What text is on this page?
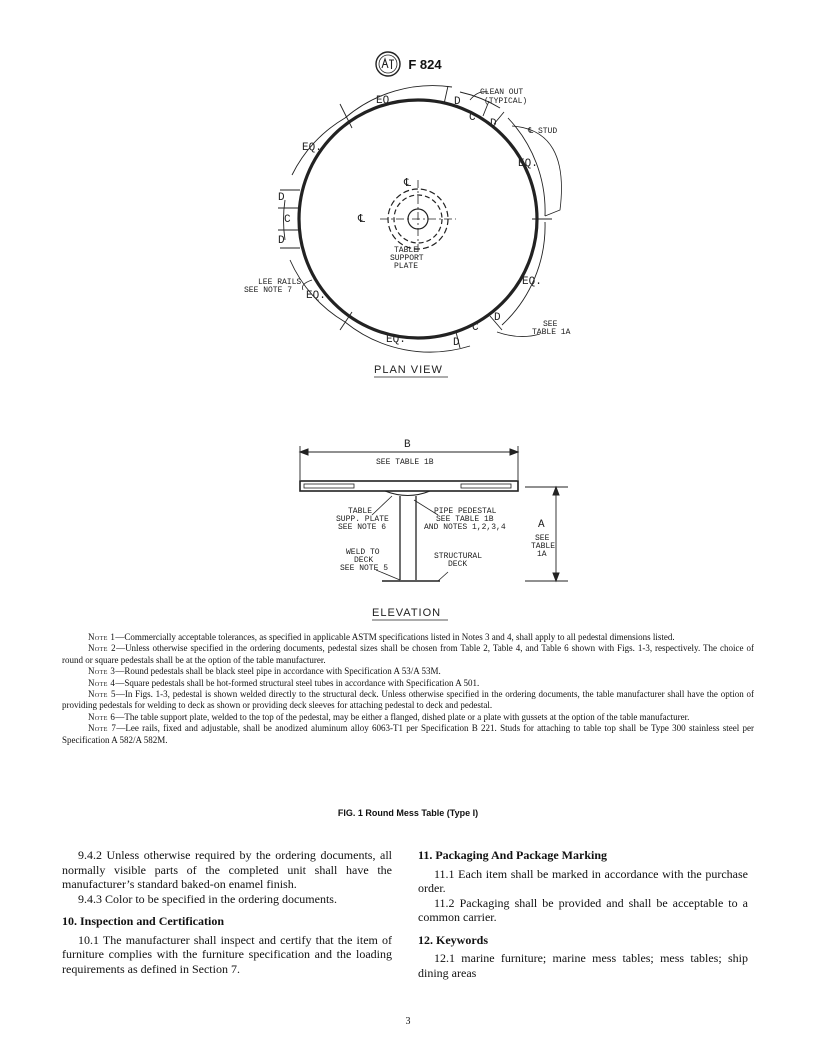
F 824
EQ.	D
CLEAN OUT
(TYPICAL)
C D
℄ STUD
EQ.
EQ.
℄
℄
D
C
D
TABLE
SUPPORT
PLATE
LEE RAILS
SEE NOTE 7 EQ.
EQ.
D
C	SEE
TABLE 1A
EQ.	D
PLAN VIEW
B
SEE TABLE 1B
TABLE
SUPP. PLATE
SEE NOTE 6
PIPE PEDESTAL
SEE TABLE 1B
AND NOTES 1,2,3,4
WELD TO
DECK
SEE NOTE 5
STRUCTURAL
DECK
A
SEE
TABLE
1A
ELEVATION

Note 1—Commercially acceptable tolerances, as specified in applicable ASTM specifications listed in Notes 3 and 4, shall apply to all pedestal dimensions listed.

Note 2—Unless otherwise specified in the ordering documents, pedestal sizes shall be chosen from Table 2, Table 4, and Table 6 shown with Figs. 1-3, respectively. The choice of round or square pedestals shall be at the option of the table manufacturer.

Note 3—Round pedestals shall be black steel pipe in accordance with Specification A 53/A 53M.

Note 4—Square pedestals shall be hot-formed structural steel tubes in accordance with Specification A 501.

Note 5—In Figs. 1-3, pedestal is shown welded directly to the structural deck. Unless otherwise specified in the ordering documents, the table manufacturer shall have the option of providing pedestals for welding to deck as shown or providing deck sleeves for attaching pedestal to deck and pedestal.

Note 6—The table support plate, welded to the top of the pedestal, may be either a flanged, dished plate or a plate with gussets at the option of the table manufacturer.

Note 7—Lee rails, fixed and adjustable, shall be anodized aluminum alloy 6063-T1 per Specification B 221. Studs for attaching to table top shall be Type 300 stainless steel per Specification A 582/A 582M.

FIG. 1 Round Mess Table (Type I)

9.4.2 Unless otherwise required by the ordering documents, all normally visible parts of the completed unit shall have the manufacturer’s standard baked-on enamel finish.

9.4.3 Color to be specified in the ordering documents.

10. Inspection and Certification

10.1 The manufacturer shall inspect and certify that the item of furniture complies with the furniture specification and the loading requirements as defined in Section 7.

11. Packaging And Package Marking

11.1 Each item shall be marked in accordance with the purchase order.

11.2 Packaging shall be provided and shall be acceptable to a common carrier.

12. Keywords

12.1 marine furniture; marine mess tables; mess tables; ship dining areas

3
